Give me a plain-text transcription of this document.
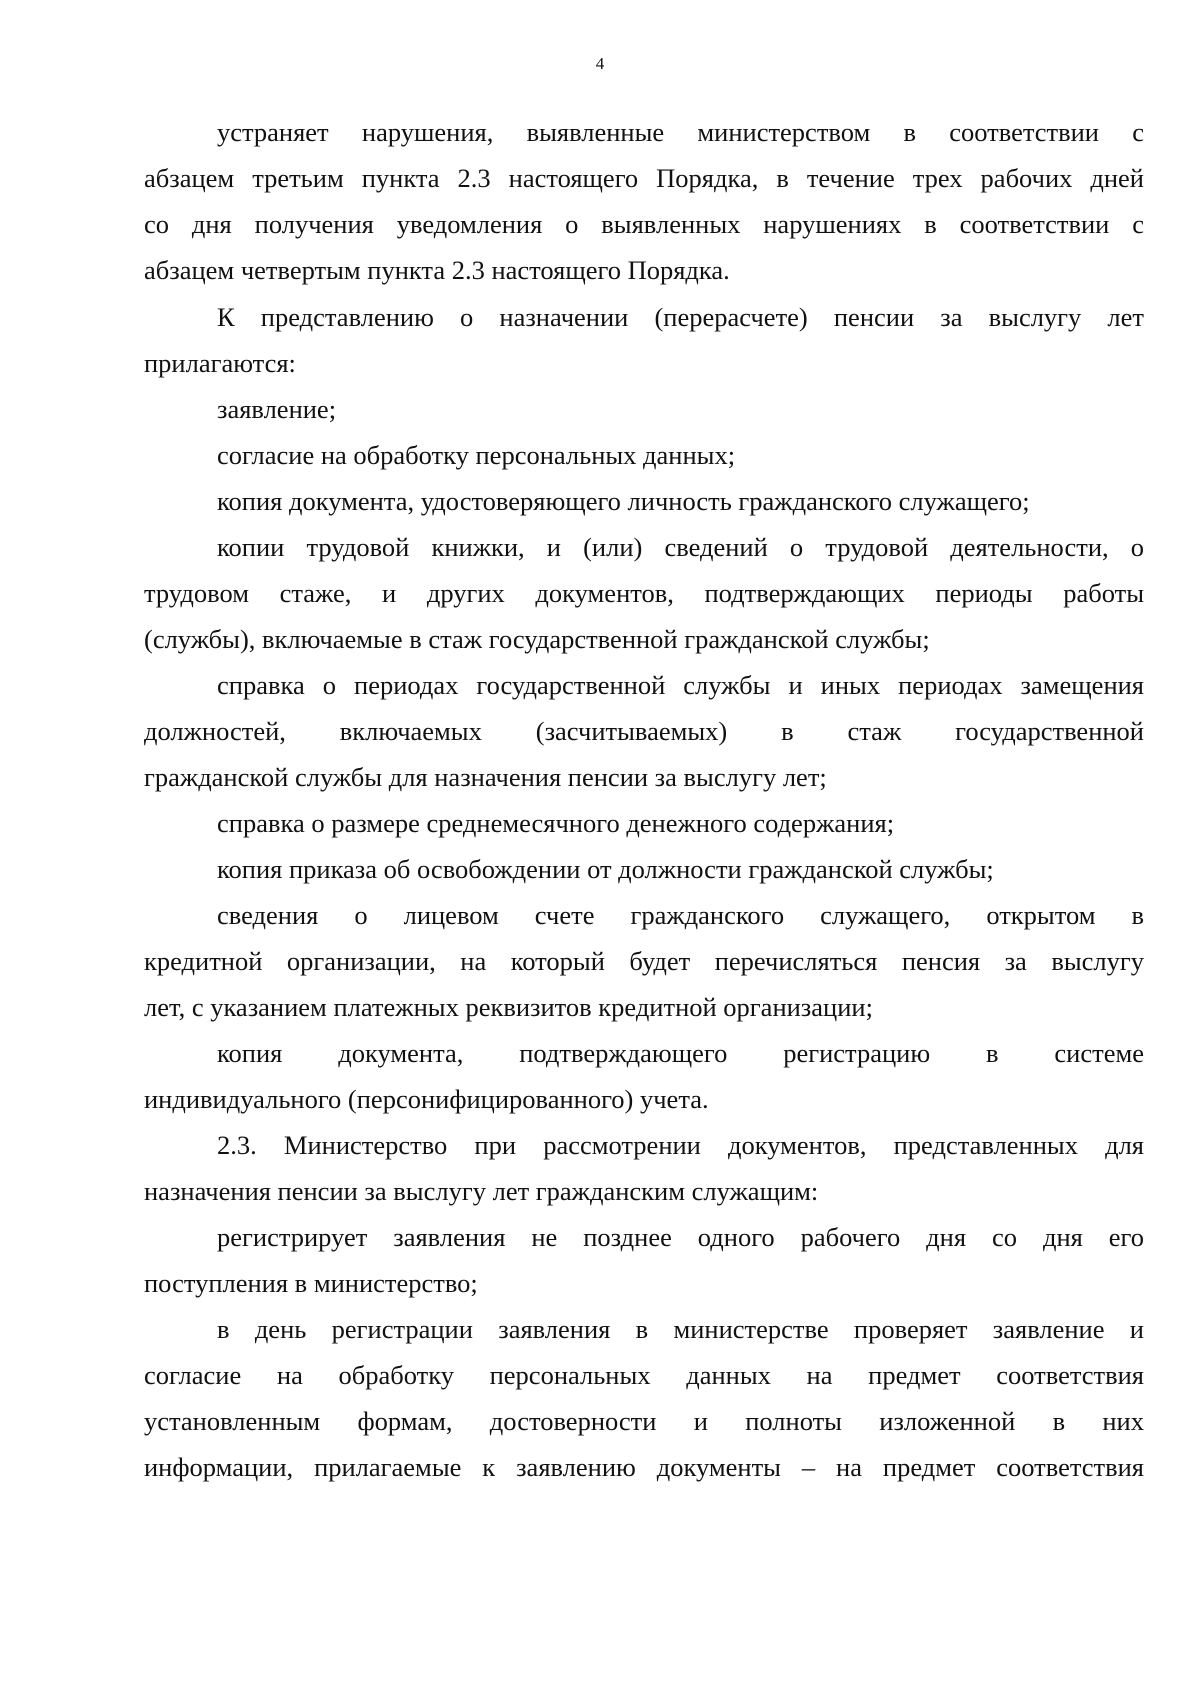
4
устраняет нарушения, выявленные министерством в соответствии с
абзацем третьим пункта 2.3 настоящего Порядка, в течение трех рабочих дней
со дня получения уведомления о выявленных нарушениях в соответствии с
абзацем четвертым пункта 2.3 настоящего Порядка.
К представлению о назначении (перерасчете) пенсии за выслугу лет
прилагаются:
заявление;
согласие на обработку персональных данных;
копия документа, удостоверяющего личность гражданского служащего;
копии трудовой книжки, и (или) сведений о трудовой деятельности, о
трудовом стаже, и других документов, подтверждающих периоды работы
(службы), включаемые в стаж государственной гражданской службы;
справка о периодах государственной службы и иных периодах замещения
должностей, включаемых (засчитываемых) в стаж государственной
гражданской службы для назначения пенсии за выслугу лет;
справка о размере среднемесячного денежного содержания;
копия приказа об освобождении от должности гражданской службы;
сведения о лицевом счете гражданского служащего, открытом в
кредитной организации, на который будет перечисляться пенсия за выслугу
лет, с указанием платежных реквизитов кредитной организации;
копия документа, подтверждающего регистрацию в системе
индивидуального (персонифицированного) учета.
2.3. Министерство при рассмотрении документов, представленных для
назначения пенсии за выслугу лет гражданским служащим:
регистрирует заявления не позднее одного рабочего дня со дня его
поступления в министерство;
в день регистрации заявления в министерстве проверяет заявление и
согласие на обработку персональных данных на предмет соответствия
установленным формам, достоверности и полноты изложенной в них
информации, прилагаемые к заявлению документы – на предмет соответствия
